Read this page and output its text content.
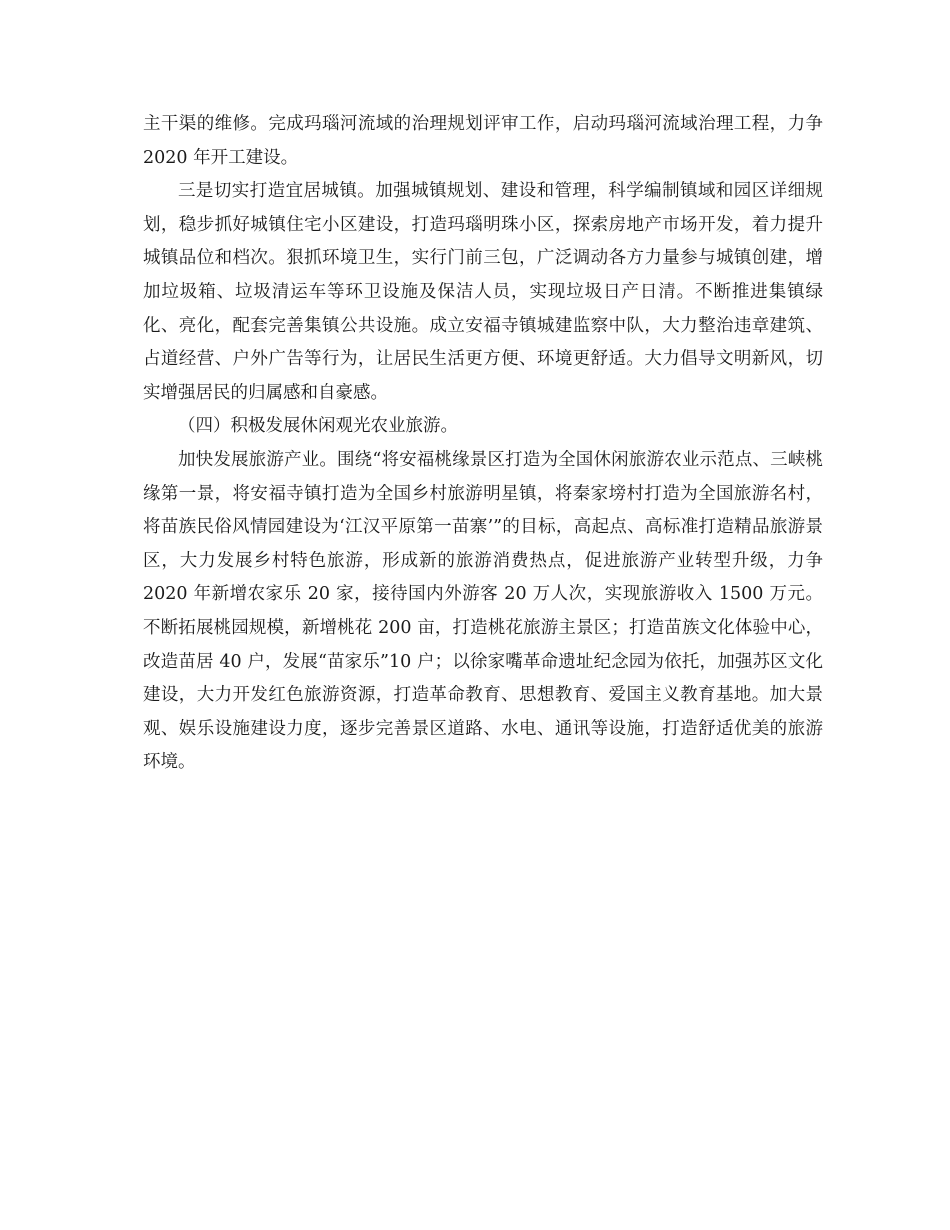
主干渠的维修。完成玛瑙河流域的治理规划评审工作，启动玛瑙河流域治理工程，力争 2020 年开工建设。

三是切实打造宜居城镇。加强城镇规划、建设和管理，科学编制镇域和园区详细规划，稳步抓好城镇住宅小区建设，打造玛瑙明珠小区，探索房地产市场开发，着力提升城镇品位和档次。狠抓环境卫生，实行门前三包，广泛调动各方力量参与城镇创建，增加垃圾箱、垃圾清运车等环卫设施及保洁人员，实现垃圾日产日清。不断推进集镇绿化、亮化，配套完善集镇公共设施。成立安福寺镇城建监察中队，大力整治违章建筑、占道经营、户外广告等行为，让居民生活更方便、环境更舒适。大力倡导文明新风，切实增强居民的归属感和自豪感。

（四）积极发展休闲观光农业旅游。

加快发展旅游产业。围绕“将安福桃缘景区打造为全国休闲旅游农业示范点、三峡桃缘第一景，将安福寺镇打造为全国乡村旅游明星镇，将秦家塝村打造为全国旅游名村，将苗族民俗风情园建设为‘江汉平原第一苗寨’”的目标，高起点、高标准打造精品旅游景区，大力发展乡村特色旅游，形成新的旅游消费热点，促进旅游产业转型升级，力争 2020 年新增农家乐 20 家，接待国内外游客 20 万人次，实现旅游收入 1500 万元。不断拓展桃园规模，新增桃花 200 亩，打造桃花旅游主景区；打造苗族文化体验中心，改造苗居 40 户，发展“苗家乐”10 户；以徐家嘴革命遗址纪念园为依托，加强苏区文化建设，大力开发红色旅游资源，打造革命教育、思想教育、爱国主义教育基地。加大景观、娱乐设施建设力度，逐步完善景区道路、水电、通讯等设施，打造舒适优美的旅游环境。
